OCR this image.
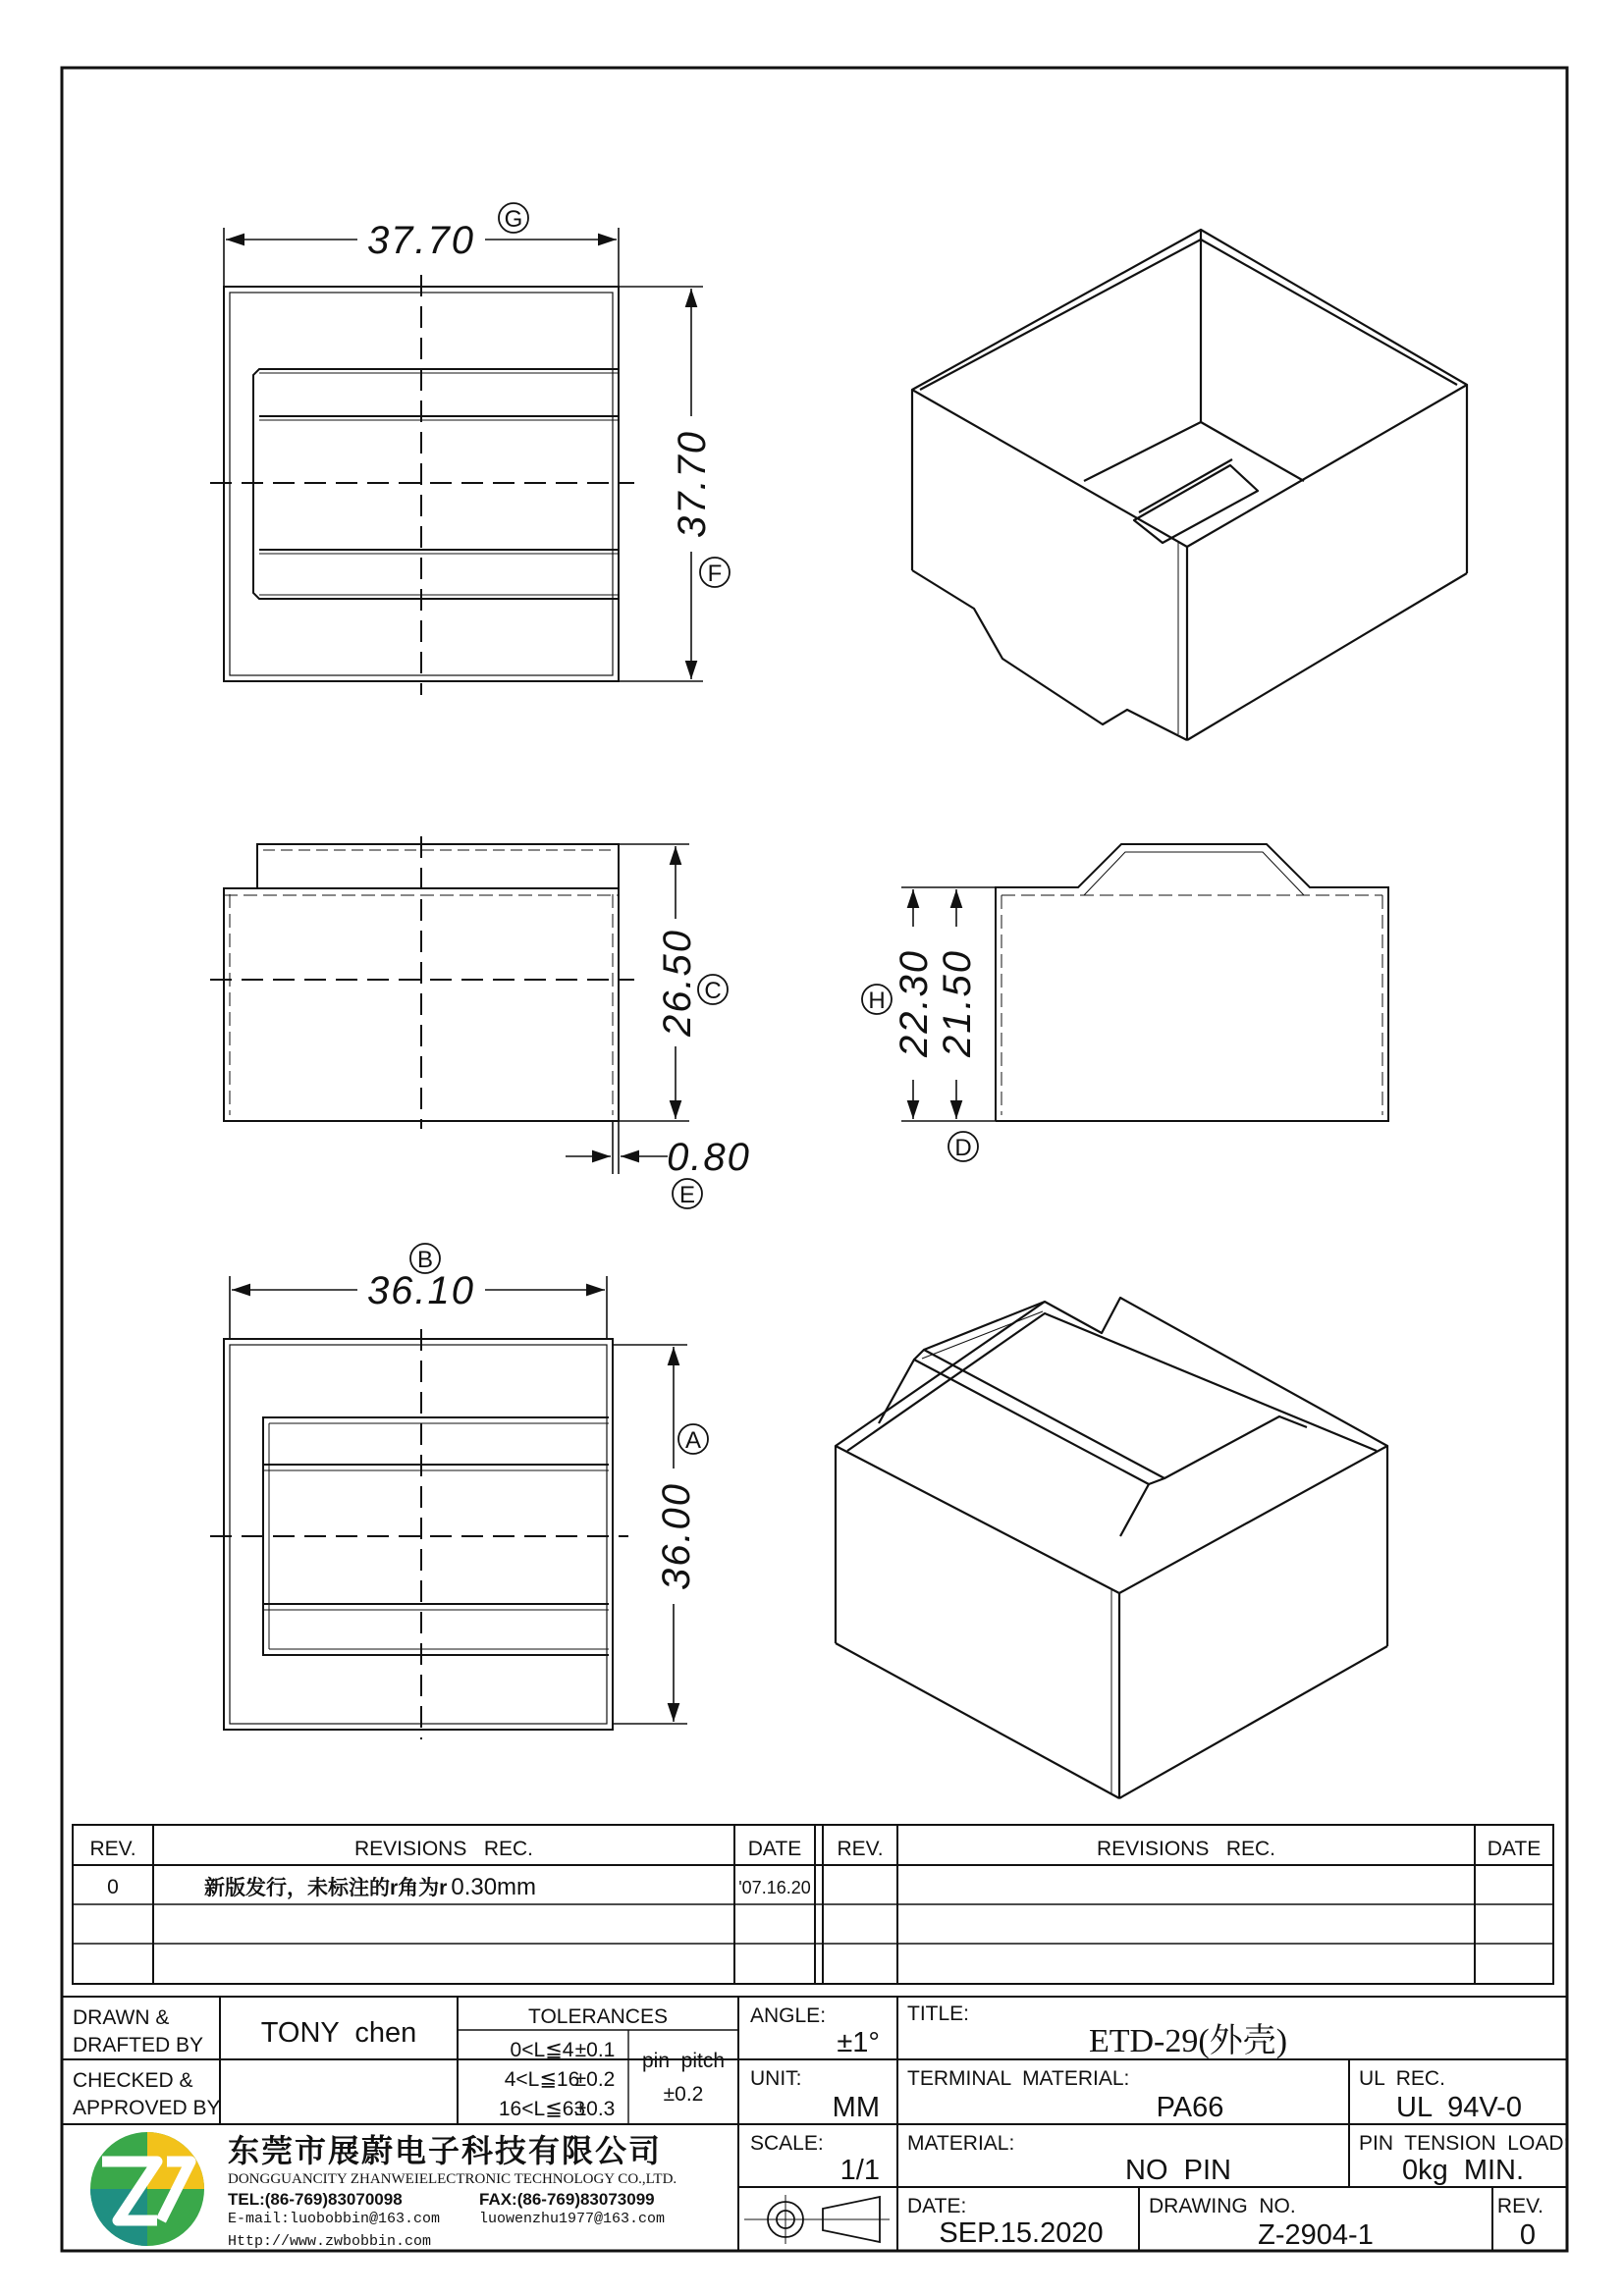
37.70 G
37.70
F
26.50 C
0.80
E
22.30 21.50
H
D
36.10
B
36.00
A
REV.	REVISIONS   REC.	DATE REV.	REVISIONS   REC.	DATE
0	新版发行，未标注的r角为r 0.30mm	'07.16.20
DRAWN &
DRAFTED BY TONY  chen
CHECKED &
APPROVED BY
TOLERANCES
0<L≦4 ±0.1
4<L≦16
±0.2
16<L≦63
±0.3
pin  pitch
±0.2
ANGLE:
±1°
UNIT:
MM
SCALE:
1/1
TITLE:
ETD-29(外壳)
TERMINAL  MATERIAL:
PA66
UL  REC.
UL  94V-0
MATERIAL:
NO  PIN
PIN  TENSION  LOAD:
0kg  MIN.
DATE:
SEP.15.2020
DRAWING  NO.
Z-2904-1
REV.
0
东莞市展蔚电子科技有限公司
DONGGUANCITY ZHANWEIELECTRONIC TECHNOLOGY CO.,LTD.
TEL:(86-769)83070098	FAX:(86-769)83073099
E-mail:luobobbin@163.com	luowenzhu1977@163.com
Http://www.zwbobbin.com
